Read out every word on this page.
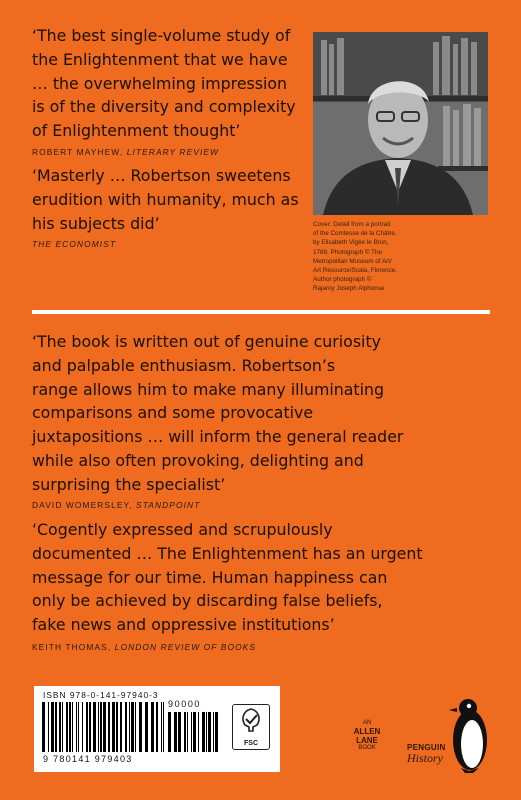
‘The best single-volume study of
the Enlightenment that we have
… the overwhelming impression
is of the diversity and complexity
of Enlightenment thought’
ROBERT MAYHEW, LITERARY REVIEW
‘Masterly … Robertson sweetens
erudition with humanity, much as
his subjects did’
THE ECONOMIST
Cover: Detail from a portrait
of the Comtesse de la Châtre,
by Elisabeth Vigée le Brun,
1789. Photograph © The
Metropolitan Museum of Art/
Art Resource/Scala, Florence.
Author photograph ©
Rajaroy Joseph Alphonse
‘The book is written out of genuine curiosity
and palpable enthusiasm. Robertson’s
range allows him to make many illuminating
comparisons and some provocative
juxtapositions … will inform the general reader
while also often provoking, delighting and
surprising the specialist’
DAVID WOMERSLEY, STANDPOINT
‘Cogently expressed and scrupulously
documented … The Enlightenment has an urgent
message for our time. Human happiness can
only be achieved by discarding false beliefs,
fake news and oppressive institutions’
KEITH THOMAS, LONDON REVIEW OF BOOKS
ISBN 978-0-141-97940-3
90000
9 780141 979403
FSC
AN
ALLEN
LANE
BOOK	PENGUIN
History
